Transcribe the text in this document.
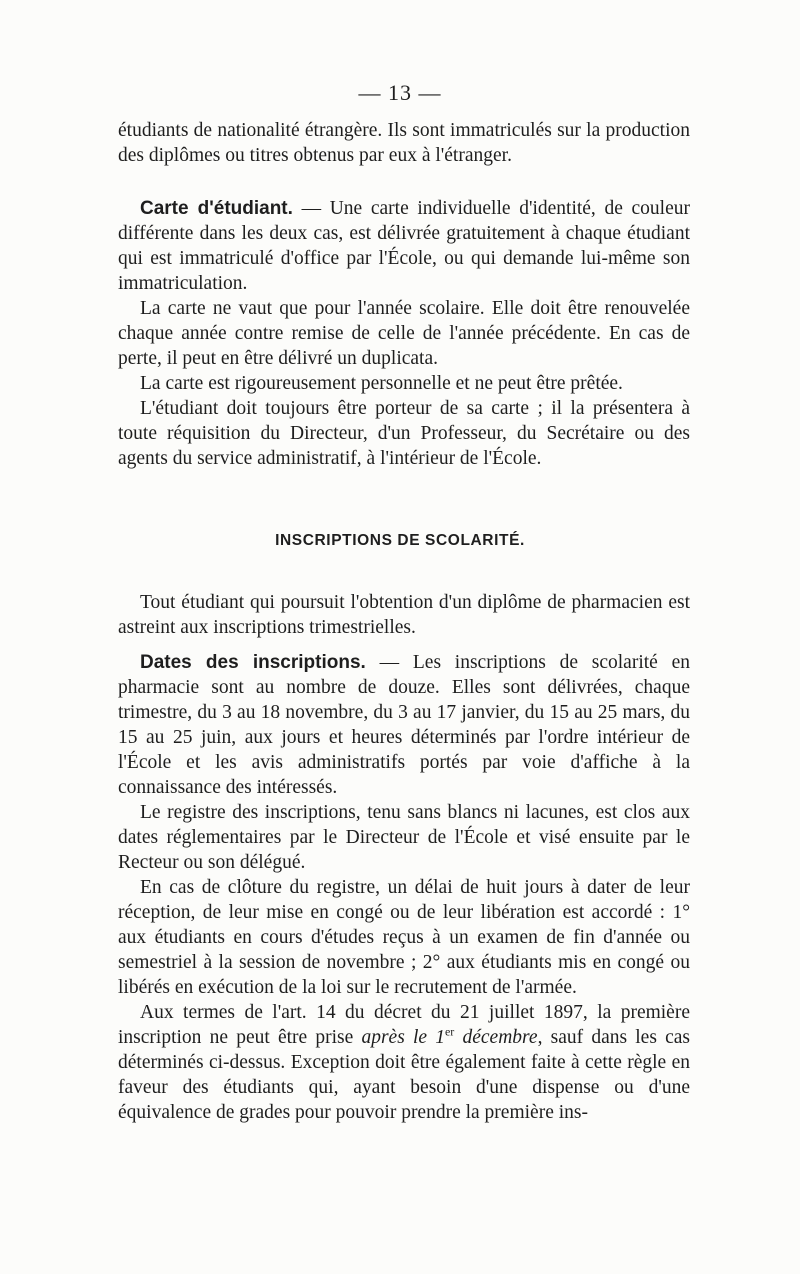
— 13 —

étudiants de nationalité étrangère. Ils sont immatriculés sur la production des diplômes ou titres obtenus par eux à l'étranger.

Carte d'étudiant. — Une carte individuelle d'identité, de couleur différente dans les deux cas, est délivrée gratuitement à chaque étudiant qui est immatriculé d'office par l'École, ou qui demande lui-même son immatriculation.

La carte ne vaut que pour l'année scolaire. Elle doit être renouvelée chaque année contre remise de celle de l'année précédente. En cas de perte, il peut en être délivré un duplicata.

La carte est rigoureusement personnelle et ne peut être prêtée.

L'étudiant doit toujours être porteur de sa carte ; il la présentera à toute réquisition du Directeur, d'un Professeur, du Secrétaire ou des agents du service administratif, à l'intérieur de l'École.

INSCRIPTIONS DE SCOLARITÉ.

Tout étudiant qui poursuit l'obtention d'un diplôme de pharmacien est astreint aux inscriptions trimestrielles.

Dates des inscriptions. — Les inscriptions de scolarité en pharmacie sont au nombre de douze. Elles sont délivrées, chaque trimestre, du 3 au 18 novembre, du 3 au 17 janvier, du 15 au 25 mars, du 15 au 25 juin, aux jours et heures déterminés par l'ordre intérieur de l'École et les avis administratifs portés par voie d'affiche à la connaissance des intéressés.

Le registre des inscriptions, tenu sans blancs ni lacunes, est clos aux dates réglementaires par le Directeur de l'École et visé ensuite par le Recteur ou son délégué.

En cas de clôture du registre, un délai de huit jours à dater de leur réception, de leur mise en congé ou de leur libération est accordé : 1° aux étudiants en cours d'études reçus à un examen de fin d'année ou semestriel à la session de novembre ; 2° aux étudiants mis en congé ou libérés en exécution de la loi sur le recrutement de l'armée.

Aux termes de l'art. 14 du décret du 21 juillet 1897, la première inscription ne peut être prise après le 1er décembre, sauf dans les cas déterminés ci-dessus. Exception doit être également faite à cette règle en faveur des étudiants qui, ayant besoin d'une dispense ou d'une équivalence de grades pour pouvoir prendre la première ins-
